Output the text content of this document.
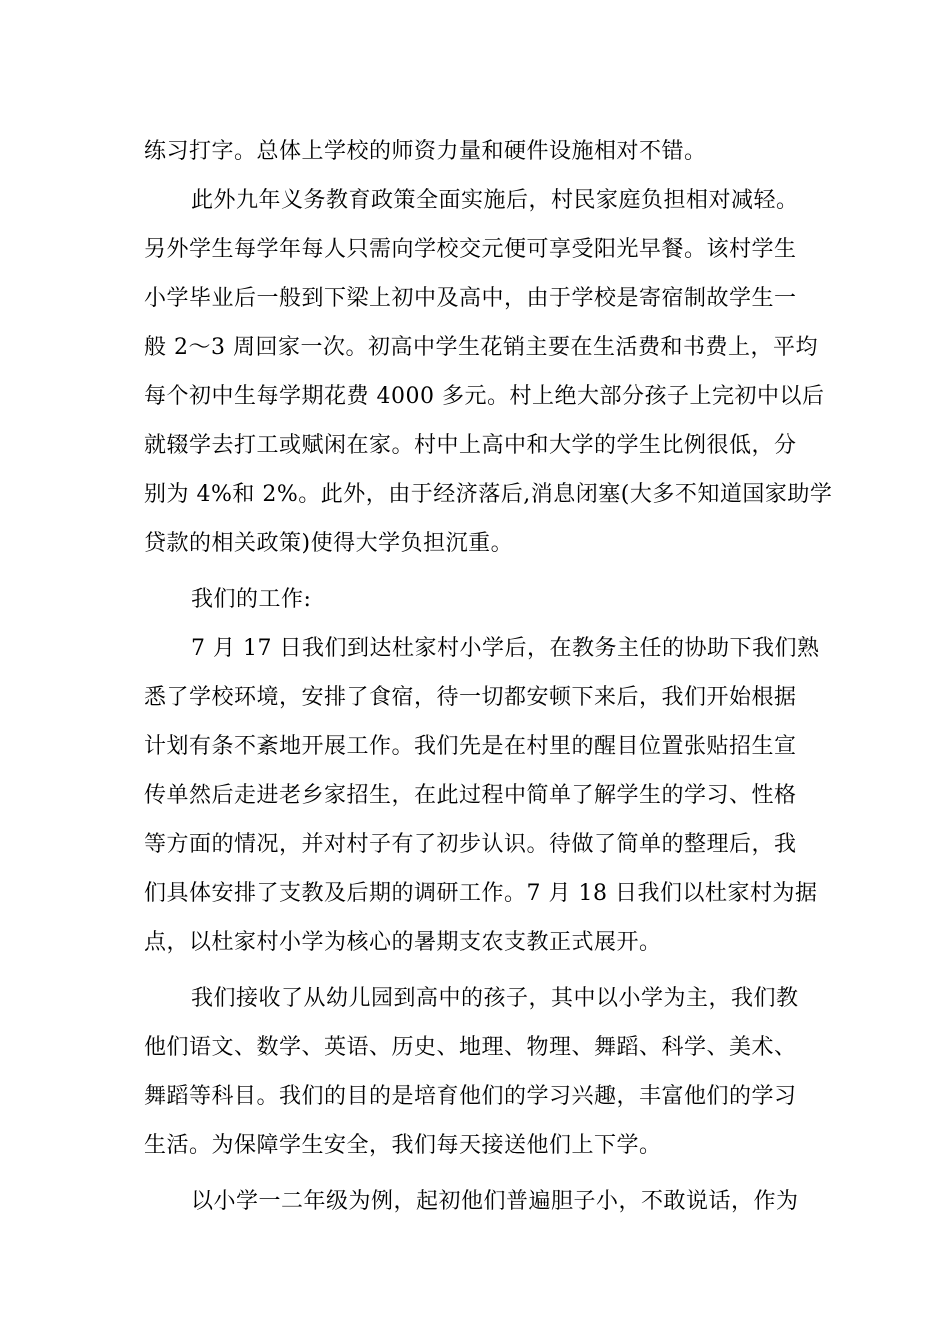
练习打字。总体上学校的师资力量和硬件设施相对不错。
此外九年义务教育政策全面实施后，村民家庭负担相对减轻。
另外学生每学年每人只需向学校交元便可享受阳光早餐。该村学生
小学毕业后一般到下梁上初中及高中，由于学校是寄宿制故学生一
般 2～3 周回家一次。初高中学生花销主要在生活费和书费上，平均
每个初中生每学期花费 4000 多元。村上绝大部分孩子上完初中以后
就辍学去打工或赋闲在家。村中上高中和大学的学生比例很低，分
别为 4%和 2%。此外，由于经济落后,消息闭塞(大多不知道国家助学
贷款的相关政策)使得大学负担沉重。
我们的工作:
7 月 17 日我们到达杜家村小学后，在教务主任的协助下我们熟
悉了学校环境，安排了食宿，待一切都安顿下来后，我们开始根据
计划有条不紊地开展工作。我们先是在村里的醒目位置张贴招生宣
传单然后走进老乡家招生，在此过程中简单了解学生的学习、性格
等方面的情况，并对村子有了初步认识。待做了简单的整理后，我
们具体安排了支教及后期的调研工作。7 月 18 日我们以杜家村为据
点，以杜家村小学为核心的暑期支农支教正式展开。
我们接收了从幼儿园到高中的孩子，其中以小学为主，我们教
他们语文、数学、英语、历史、地理、物理、舞蹈、科学、美术、
舞蹈等科目。我们的目的是培育他们的学习兴趣，丰富他们的学习
生活。为保障学生安全，我们每天接送他们上下学。
以小学一二年级为例，起初他们普遍胆子小，不敢说话，作为
